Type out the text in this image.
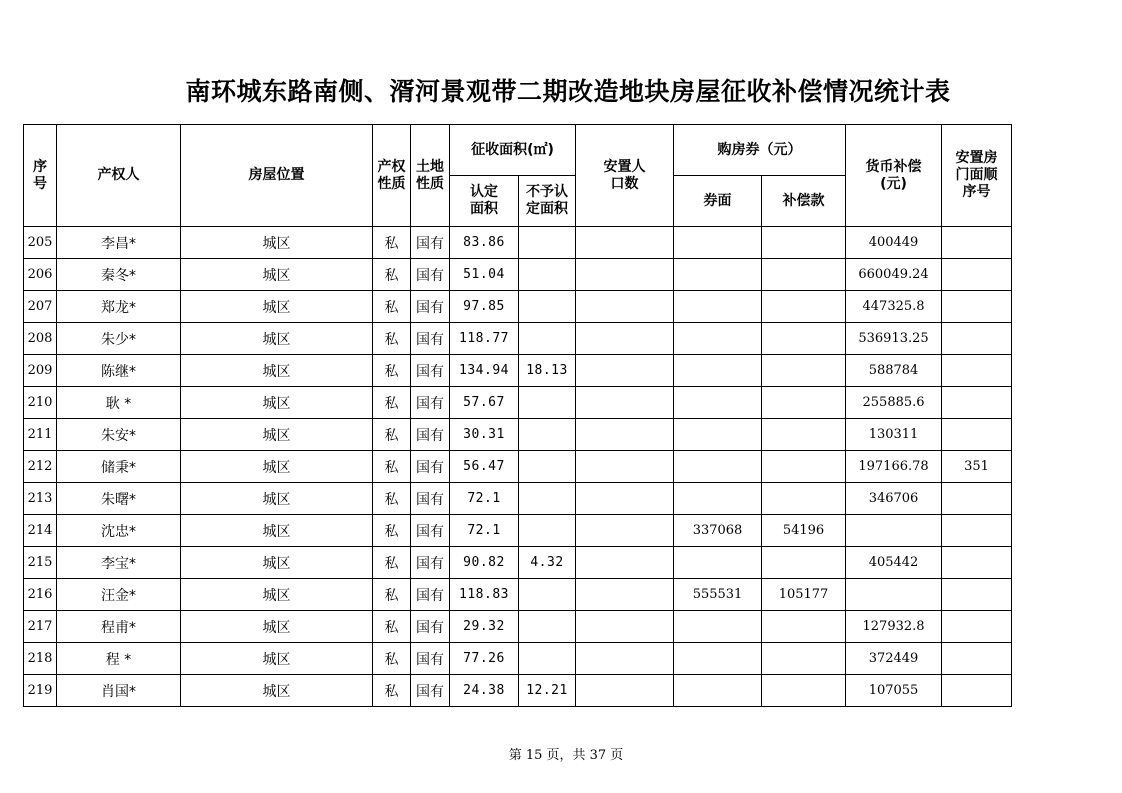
南环城东路南侧、湑河景观带二期改造地块房屋征收补偿情况统计表
序号	产权人	房屋位置	产权性质	土地性质	征收面积(㎡)		安置人口数	购房券（元）		货币补偿(元)	安置房门面顺序号
					认定面积	不予认定面积		券面	补偿款		
205	李昌*	城区	私	国有	83.86					400449	
206	秦冬*	城区	私	国有	51.04					660049.24	
207	郑龙*	城区	私	国有	97.85					447325.8	
208	朱少*	城区	私	国有	118.77					536913.25	
209	陈继*	城区	私	国有	134.94	18.13				588784	
210	耿 *	城区	私	国有	57.67					255885.6	
211	朱安*	城区	私	国有	30.31					130311	
212	储秉*	城区	私	国有	56.47					197166.78	351
213	朱曙*	城区	私	国有	72.1					346706	
214	沈忠*	城区	私	国有	72.1			337068	54196		
215	李宝*	城区	私	国有	90.82	4.32				405442	
216	汪金*	城区	私	国有	118.83			555531	105177		
217	程甫*	城区	私	国有	29.32					127932.8	
218	程 *	城区	私	国有	77.26					372449	
219	肖国*	城区	私	国有	24.38	12.21				107055	
第 15 页，共 37 页
